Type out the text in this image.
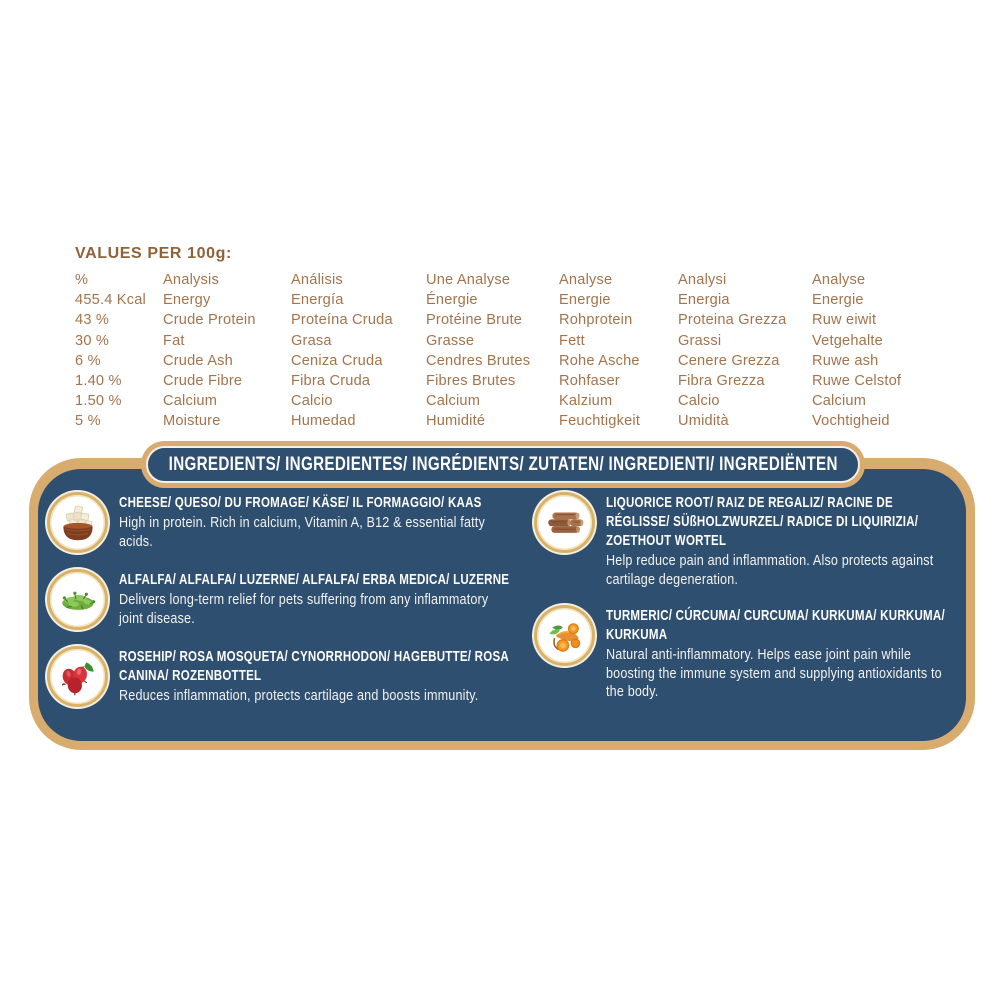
VALUES PER 100g:
%	Analysis	Análisis	Une Analyse	Analyse	Analysi	Analyse
455.4 Kcal	Energy	Energía	Énergie	Energie	Energia	Energie
43 %	Crude Protein	Proteína Cruda	Protéine Brute	Rohprotein	Proteina Grezza	Ruw eiwit
30 %	Fat	Grasa	Grasse	Fett	Grassi	Vetgehalte
6 %	Crude Ash	Ceniza Cruda	Cendres Brutes	Rohe Asche	Cenere Grezza	Ruwe ash
1.40 %	Crude Fibre	Fibra Cruda	Fibres Brutes	Rohfaser	Fibra Grezza	Ruwe Celstof
1.50 %	Calcium	Calcio	Calcium	Kalzium	Calcio	Calcium
5 %	Moisture	Humedad	Humidité	Feuchtigkeit	Umidità	Vochtigheid
INGREDIENTS/ INGREDIENTES/ INGRÉDIENTS/ ZUTATEN/ INGREDIENTI/ INGREDIËNTEN
CHEESE/ QUESO/ DU FROMAGE/ KÄSE/ IL FORMAGGIO/ KAAS
High in protein. Rich in calcium, Vitamin A, B12 & essential fatty acids.
ALFALFA/ ALFALFA/ LUZERNE/ ALFALFA/ ERBA MEDICA/ LUZERNE
Delivers long-term relief for pets suffering from any inflammatory joint disease.
ROSEHIP/ ROSA MOSQUETA/ CYNORRHODON/ HAGEBUTTE/ ROSA CANINA/ ROZENBOTTEL
Reduces inflammation, protects cartilage and boosts immunity.
LIQUORICE ROOT/ RAIZ DE REGALIZ/ RACINE DE RÉGLISSE/ SÜßHOLZWURZEL/ RADICE DI LIQUIRIZIA/ ZOETHOUT WORTEL
Help reduce pain and inflammation. Also protects against cartilage degeneration.
TURMERIC/ CÚRCUMA/ CURCUMA/ KURKUMA/ KURKUMA/ KURKUMA
Natural anti-inflammatory. Helps ease joint pain while boosting the immune system and supplying antioxidants to the body.
